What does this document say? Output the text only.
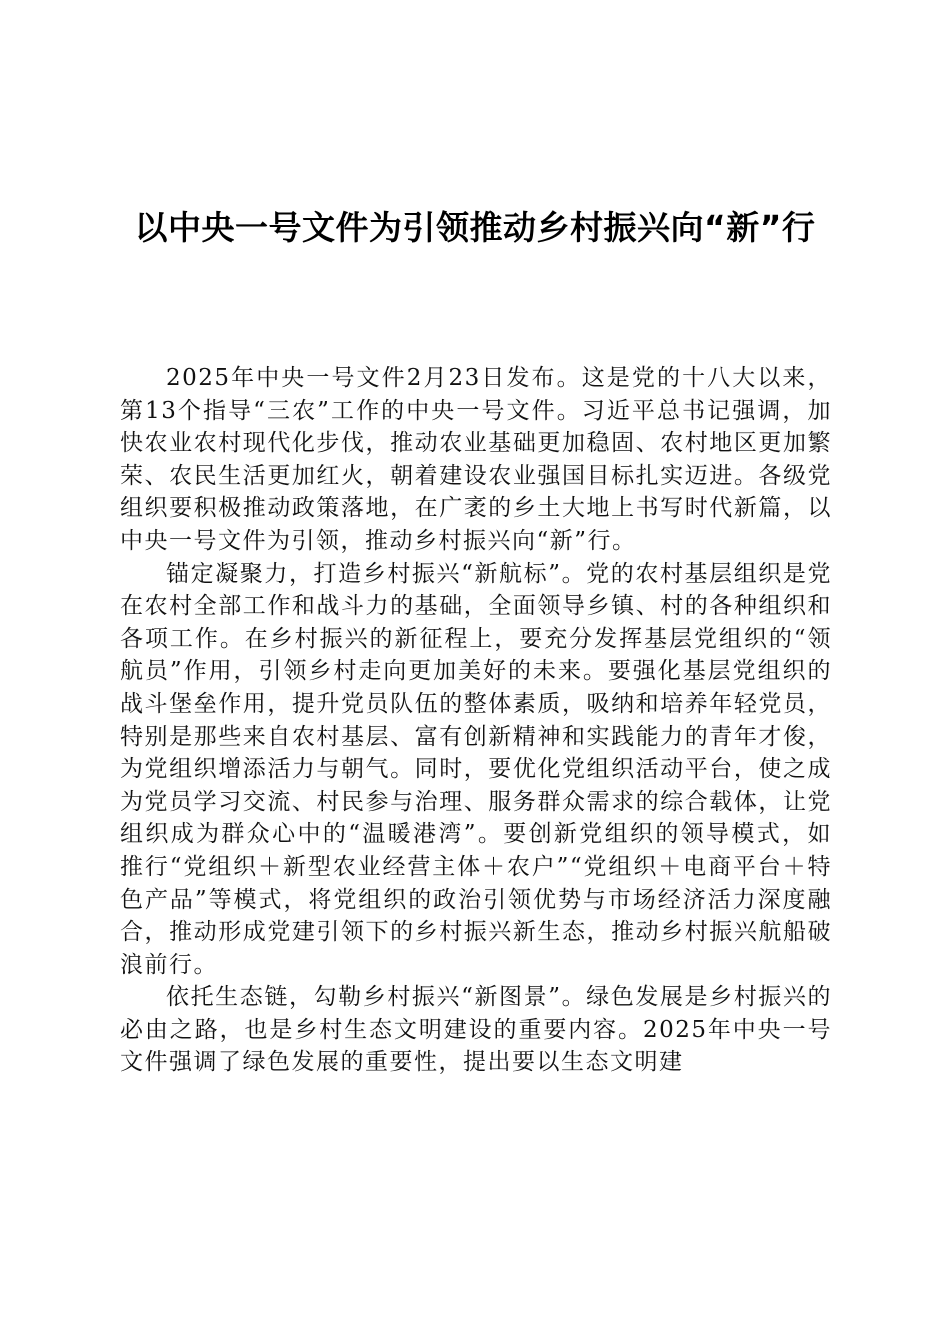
以中央一号文件为引领推动乡村振兴向“新”行

2025年中央一号文件2月23日发布。这是党的十八大以来，第13个指导“三农”工作的中央一号文件。习近平总书记强调，加快农业农村现代化步伐，推动农业基础更加稳固、农村地区更加繁荣、农民生活更加红火，朝着建设农业强国目标扎实迈进。各级党组织要积极推动政策落地，在广袤的乡土大地上书写时代新篇，以中央一号文件为引领，推动乡村振兴向“新”行。

锚定凝聚力，打造乡村振兴“新航标”。党的农村基层组织是党在农村全部工作和战斗力的基础，全面领导乡镇、村的各种组织和各项工作。在乡村振兴的新征程上，要充分发挥基层党组织的“领航员”作用，引领乡村走向更加美好的未来。要强化基层党组织的战斗堡垒作用，提升党员队伍的整体素质，吸纳和培养年轻党员，特别是那些来自农村基层、富有创新精神和实践能力的青年才俊，为党组织增添活力与朝气。同时，要优化党组织活动平台，使之成为党员学习交流、村民参与治理、服务群众需求的综合载体，让党组织成为群众心中的“温暖港湾”。要创新党组织的领导模式，如推行“党组织＋新型农业经营主体＋农户”“党组织＋电商平台＋特色产品”等模式，将党组织的政治引领优势与市场经济活力深度融合，推动形成党建引领下的乡村振兴新生态，推动乡村振兴航船破浪前行。

依托生态链，勾勒乡村振兴“新图景”。绿色发展是乡村振兴的必由之路，也是乡村生态文明建设的重要内容。2025年中央一号文件强调了绿色发展的重要性，提出要以生态文明建
